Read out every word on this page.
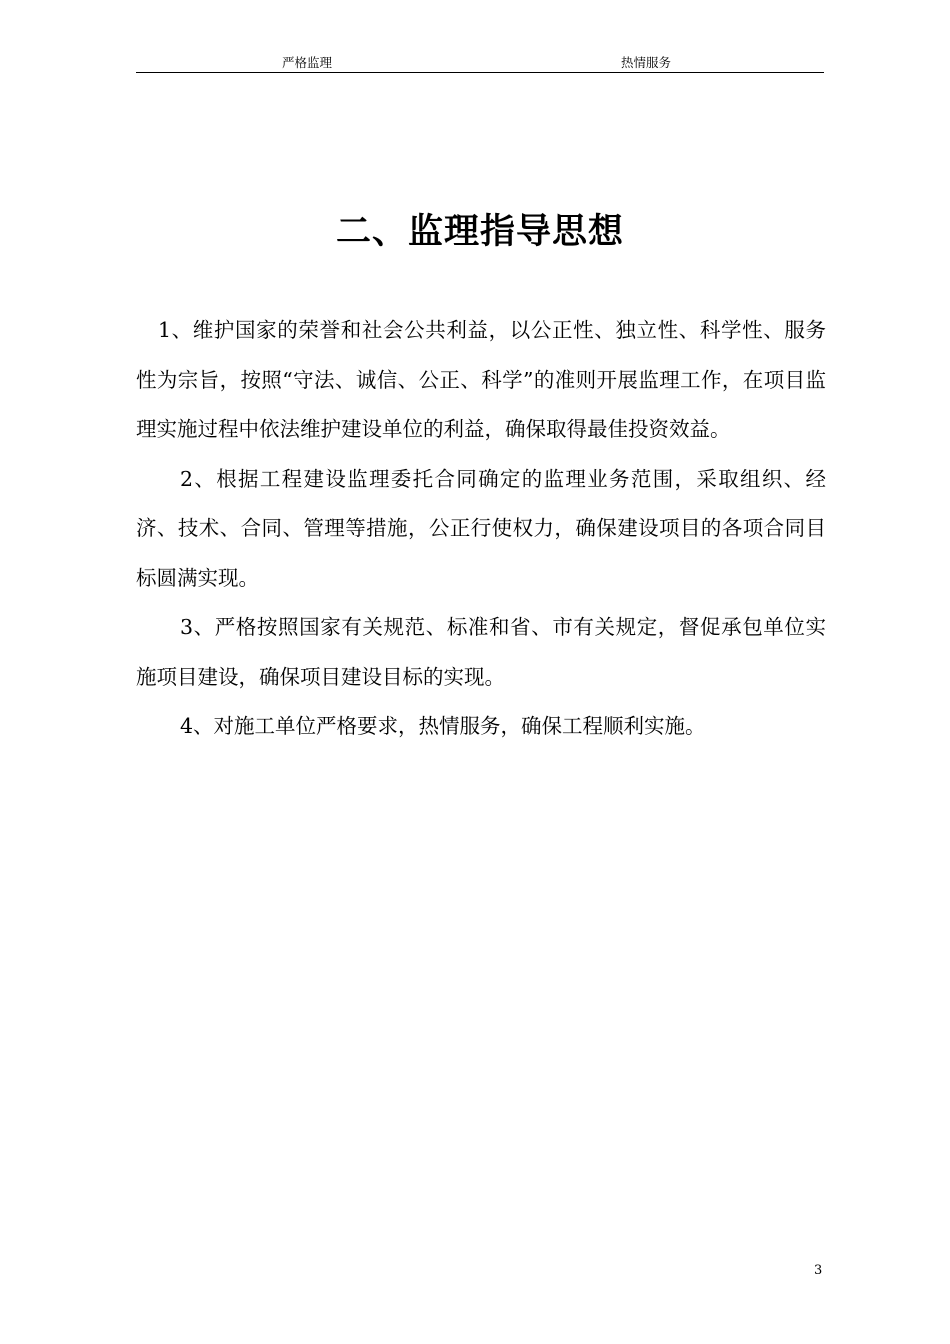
严格监理	热情服务
二、监理指导思想

1、维护国家的荣誉和社会公共利益，以公正性、独立性、科学性、服务性为宗旨，按照“守法、诚信、公正、科学”的准则开展监理工作，在项目监理实施过程中依法维护建设单位的利益，确保取得最佳投资效益。

2、根据工程建设监理委托合同确定的监理业务范围，采取组织、经济、技术、合同、管理等措施，公正行使权力，确保建设项目的各项合同目标圆满实现。

3、严格按照国家有关规范、标准和省、市有关规定，督促承包单位实施项目建设，确保项目建设目标的实现。

4、对施工单位严格要求，热情服务，确保工程顺利实施。

3
